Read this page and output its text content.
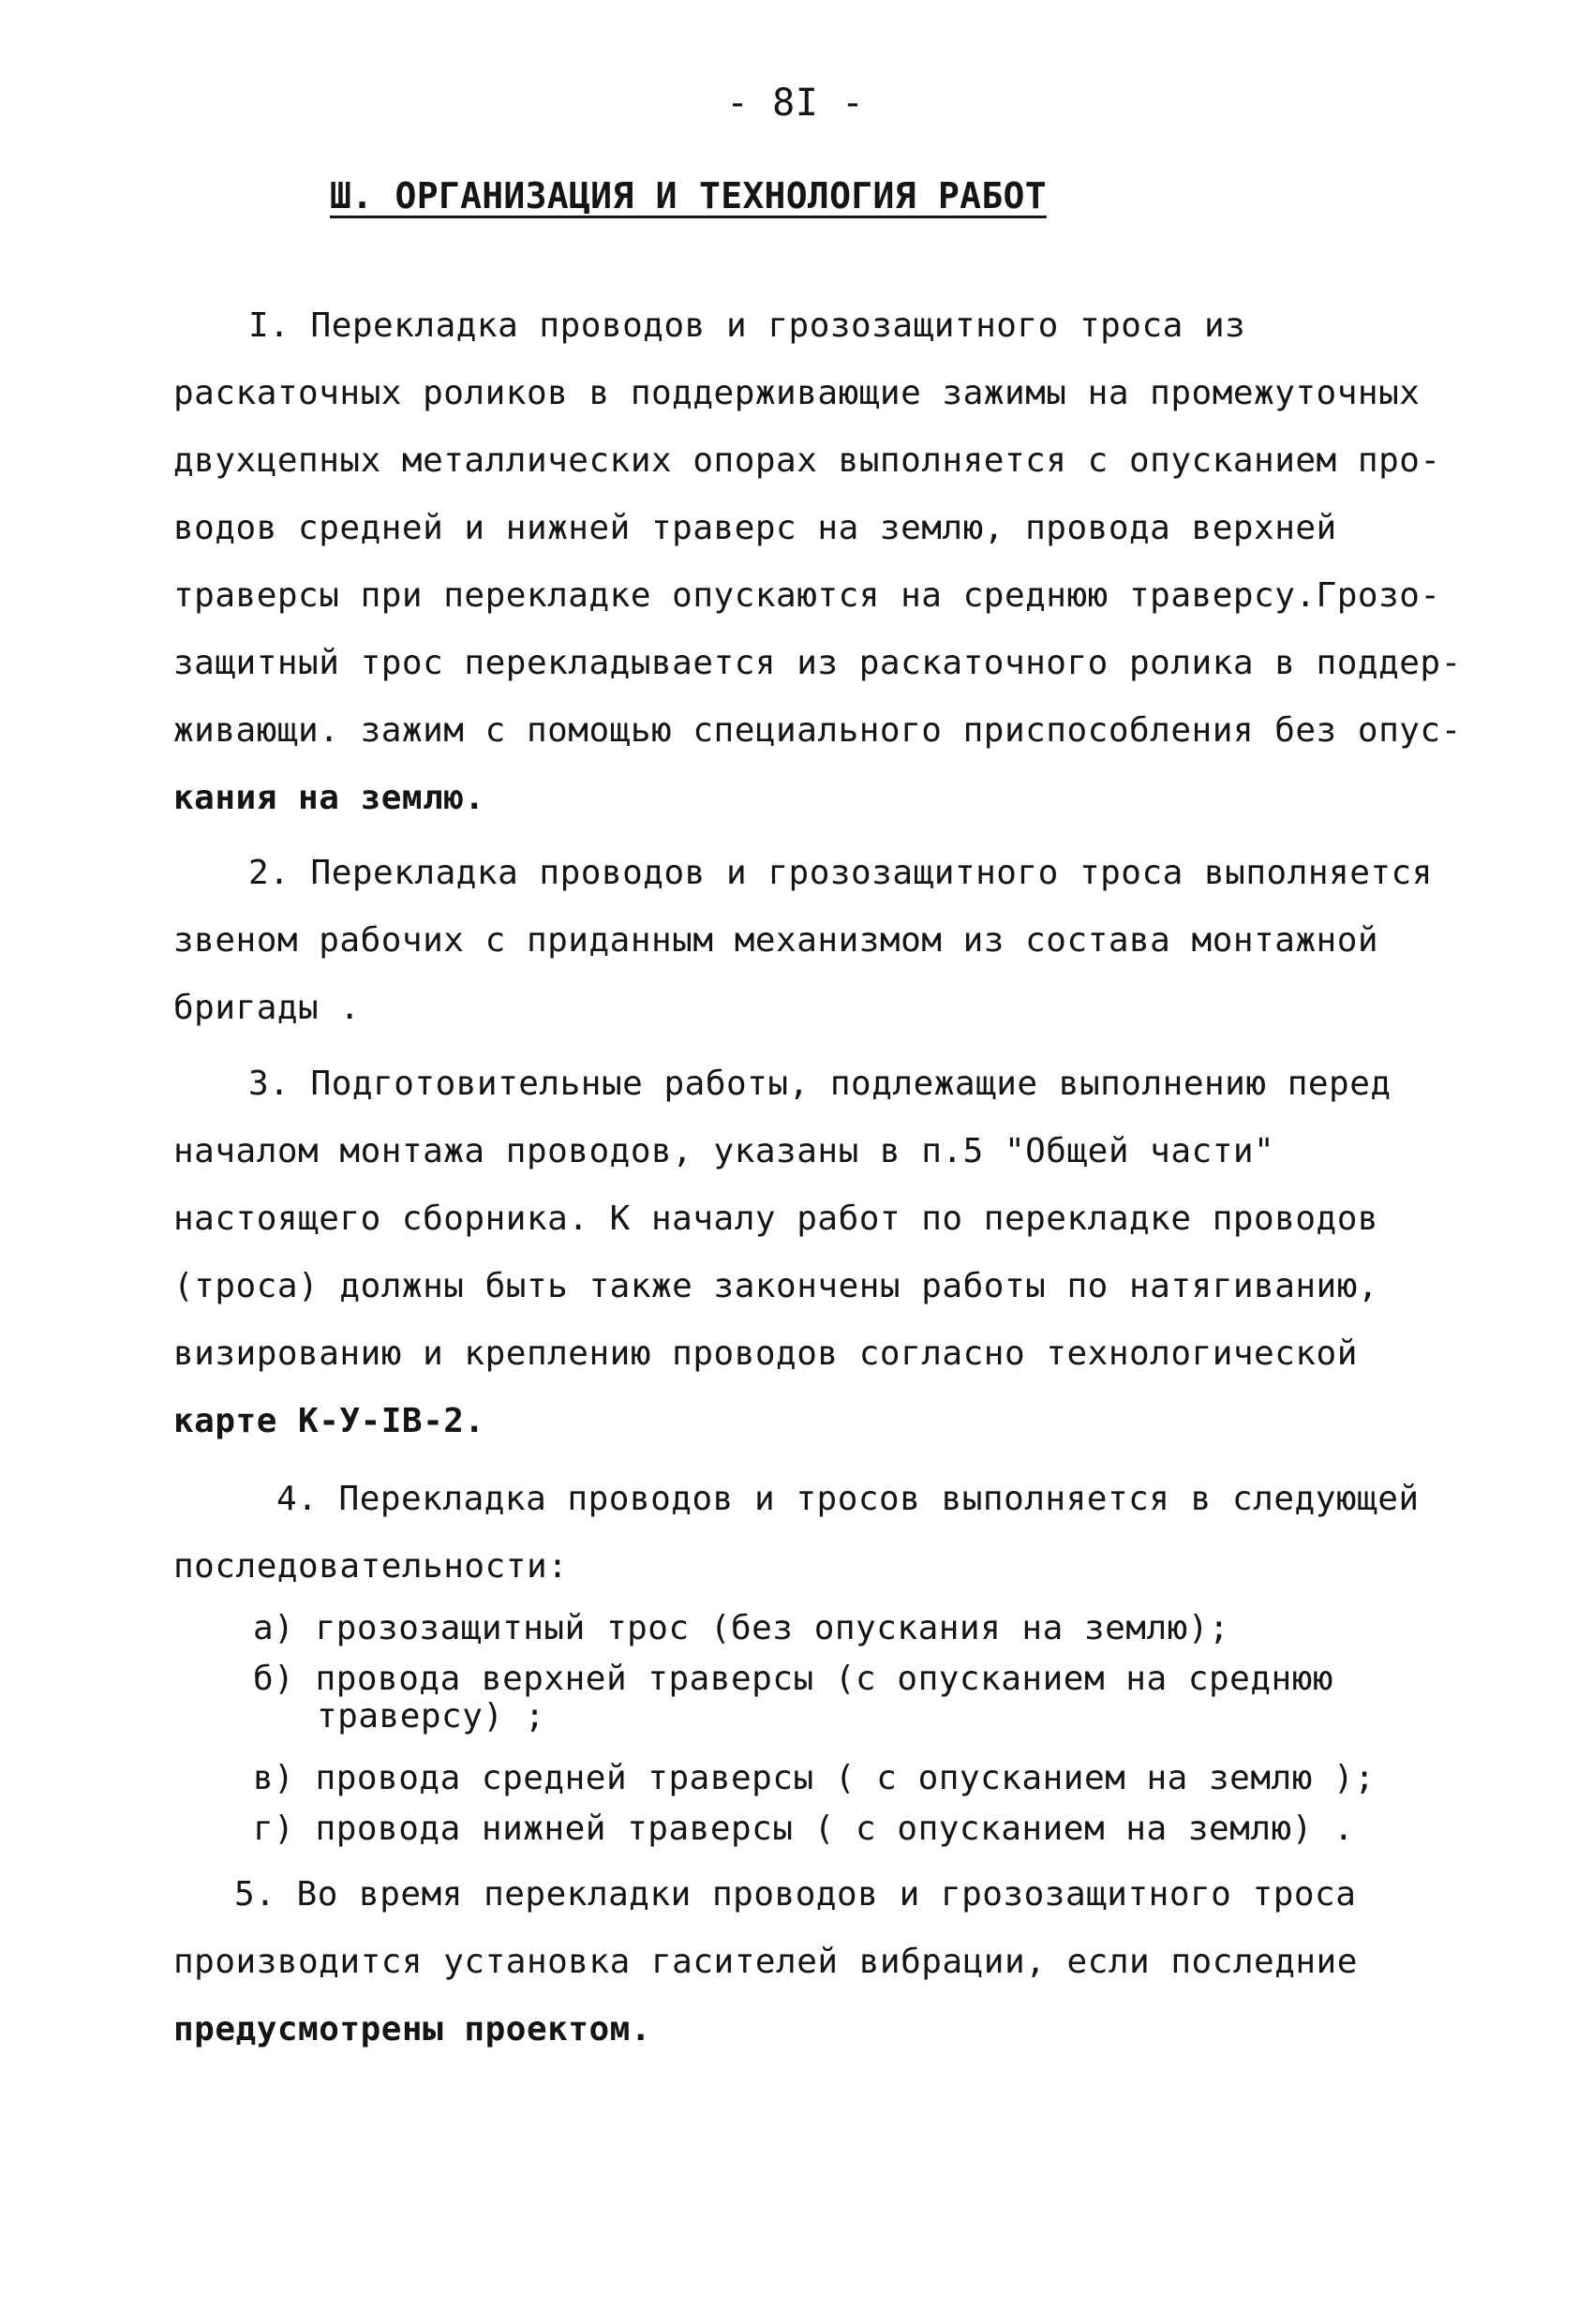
- 8I -
Ш. ОРГАНИЗАЦИЯ И ТЕХНОЛОГИЯ РАБОТ
I. Перекладка проводов и грозозащитного троса из
раскаточных роликов в поддерживающие зажимы на промежуточных
двухцепных металлических опорах выполняется с опусканием про-
водов средней и нижней траверс на землю, провода верхней
траверсы при перекладке опускаются на среднюю траверсу.Грозо-
защитный трос перекладывается из раскаточного ролика в поддер-
живающи. зажим с помощью специального приспособления без опус-
кания на землю.
2. Перекладка проводов и грозозащитного троса выполняется
звеном рабочих с приданным механизмом из состава монтажной
бригады .
3. Подготовительные работы, подлежащие выполнению перед
началом монтажа проводов, указаны в п.5 "Общей части"
настоящего сборника. К началу работ по перекладке проводов
(троса) должны быть также закончены работы по натягиванию,
визированию и креплению проводов согласно технологической
карте К-У-IВ-2.
4. Перекладка проводов и тросов выполняется в следующей
последовательности:
а) грозозащитный трос (без опускания на землю);
б) провода верхней траверсы (с опусканием на среднюю
траверсу) ;
в) провода средней траверсы ( с опусканием на землю );
г) провода нижней траверсы ( с опусканием на землю) .
5. Во время перекладки проводов и грозозащитного троса
производится установка гасителей вибрации, если последние
предусмотрены проектом.
